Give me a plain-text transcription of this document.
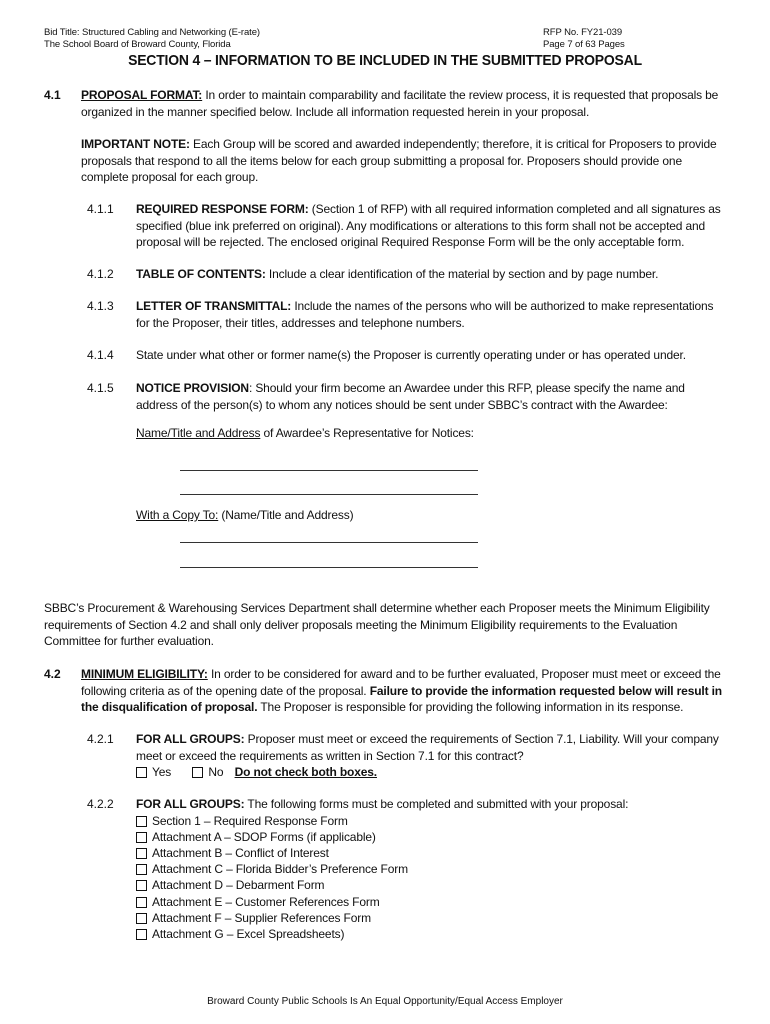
Bid Title: Structured Cabling and Networking (E-rate)
The School Board of Broward County, Florida
RFP No. FY21-039
Page 7 of 63 Pages
SECTION 4 – INFORMATION TO BE INCLUDED IN THE SUBMITTED PROPOSAL
4.1 PROPOSAL FORMAT: In order to maintain comparability and facilitate the review process, it is requested that proposals be organized in the manner specified below. Include all information requested herein in your proposal.
IMPORTANT NOTE: Each Group will be scored and awarded independently; therefore, it is critical for Proposers to provide proposals that respond to all the items below for each group submitting a proposal for. Proposers should provide one complete proposal for each group.
4.1.1 REQUIRED RESPONSE FORM: (Section 1 of RFP) with all required information completed and all signatures as specified (blue ink preferred on original). Any modifications or alterations to this form shall not be accepted and proposal will be rejected. The enclosed original Required Response Form will be the only acceptable form.
4.1.2 TABLE OF CONTENTS: Include a clear identification of the material by section and by page number.
4.1.3 LETTER OF TRANSMITTAL: Include the names of the persons who will be authorized to make representations for the Proposer, their titles, addresses and telephone numbers.
4.1.4 State under what other or former name(s) the Proposer is currently operating under or has operated under.
4.1.5 NOTICE PROVISION: Should your firm become an Awardee under this RFP, please specify the name and address of the person(s) to whom any notices should be sent under SBBC’s contract with the Awardee:
Name/Title and Address of Awardee’s Representative for Notices:
With a Copy To: (Name/Title and Address)
SBBC’s Procurement & Warehousing Services Department shall determine whether each Proposer meets the Minimum Eligibility requirements of Section 4.2 and shall only deliver proposals meeting the Minimum Eligibility requirements to the Evaluation Committee for further evaluation.
4.2 MINIMUM ELIGIBILITY: In order to be considered for award and to be further evaluated, Proposer must meet or exceed the following criteria as of the opening date of the proposal. Failure to provide the information requested below will result in the disqualification of proposal. The Proposer is responsible for providing the following information in its response.
4.2.1 FOR ALL GROUPS: Proposer must meet or exceed the requirements of Section 7.1, Liability. Will your company meet or exceed the requirements as written in Section 7.1 for this contract?
Yes	No Do not check both boxes.
4.2.2 FOR ALL GROUPS: The following forms must be completed and submitted with your proposal:
Section 1 – Required Response Form
Attachment A – SDOP Forms (if applicable)
Attachment B – Conflict of Interest
Attachment C – Florida Bidder’s Preference Form
Attachment D – Debarment Form
Attachment E – Customer References Form
Attachment F – Supplier References Form
Attachment G – Excel Spreadsheets)
Broward County Public Schools Is An Equal Opportunity/Equal Access Employer
